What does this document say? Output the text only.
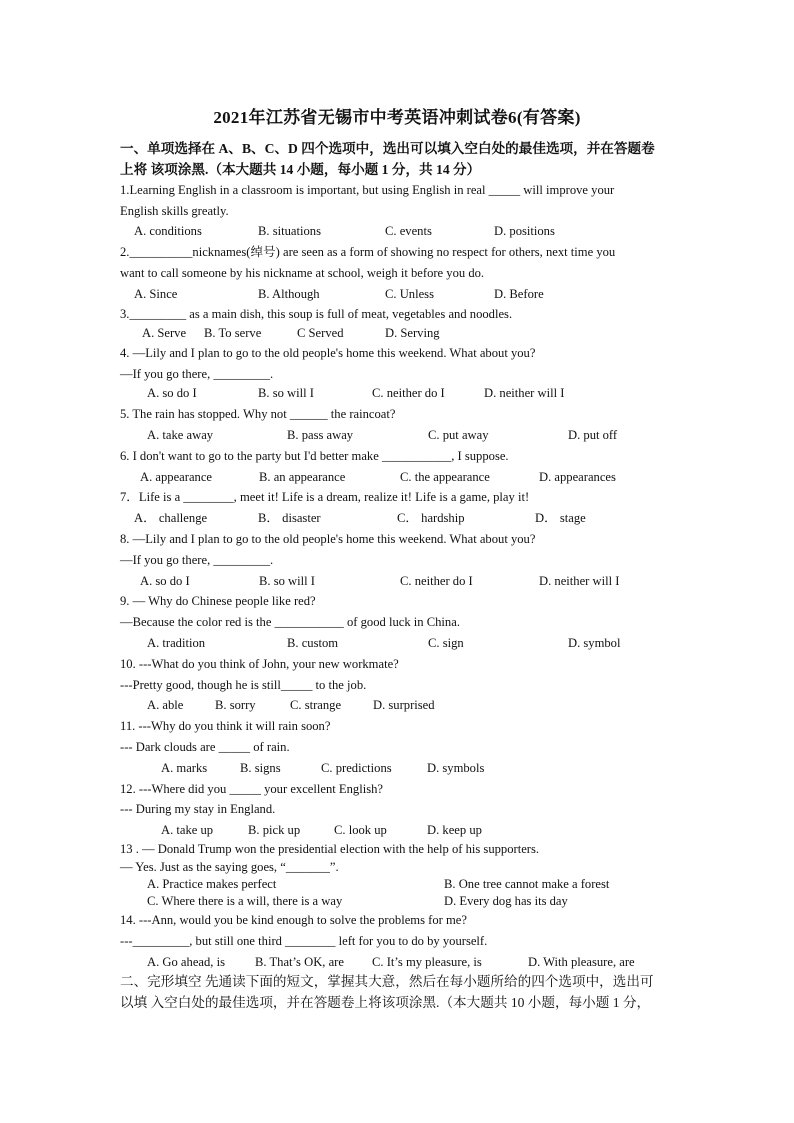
2021年江苏省无锡市中考英语冲刺试卷6(有答案)
一、单项选择在 A、B、C、D 四个选项中，选出可以填入空白处的最佳选项，并在答题卷
上将 该项涂黑.（本大题共 14 小题，每小题 1 分，共 14 分）
1.Learning English in a classroom is important, but using English in real _____ will improve your
English skills greatly.
A. conditions	B. situations	C. events	D. positions
2.__________nicknames(绰号) are seen as a form of showing no respect for others, next time you
want to call someone by his nickname at school, weigh it before you do.
A. Since	B. Although	C. Unless	D. Before
3._________ as a main dish, this soup is full of meat, vegetables and noodles.
A. Serve B. To serve	C Served	D. Serving
4. —Lily and I plan to go to the old people's home this weekend. What about you?
—If you go there, _________.
A. so do I	B. so will I	C. neither do I	D. neither will I
5. The rain has stopped. Why not ______ the raincoat?
A. take away	B. pass away	C. put away	D. put off
6. I don't want to go to the party but I'd better make ___________, I suppose.
A. appearance	B. an appearance	C. the appearance	D. appearances
7．Life is a ________, meet it! Life is a dream, realize it! Life is a game, play it!
A． challenge	B． disaster	C． hardship	D． stage
8. —Lily and I plan to go to the old people's home this weekend. What about you?
—If you go there, _________.
A. so do I	B. so will I	C. neither do I	D. neither will I
9. — Why do Chinese people like red?
—Because the color red is the ___________ of good luck in China.
A. tradition	B. custom	C. sign	D. symbol
10. ---What do you think of John, your new workmate?
---Pretty good, though he is still_____ to the job.
A. able	B. sorry	C. strange	D. surprised
11. ---Why do you think it will rain soon?
--- Dark clouds are _____ of rain.
A. marks	B. signs	C. predictions	D. symbols
12. ---Where did you _____ your excellent English?
--- During my stay in England.
A. take up	B. pick up	C. look up	D. keep up
13 . — Donald Trump won the presidential election with the help of his supporters.
— Yes. Just as the saying goes, “_______”.
A. Practice makes perfect	B. One tree cannot make a forest
C. Where there is a will, there is a way	D. Every dog has its day
14. ---Ann, would you be kind enough to solve the problems for me?
---_________, but still one third ________ left for you to do by yourself.
A. Go ahead, is B. That’s OK, are C. It’s my pleasure, is	D. With pleasure, are
二、完形填空 先通读下面的短文，掌握其大意，然后在每小题所给的四个选项中，选出可
以填 入空白处的最佳选项，并在答题卷上将该项涂黑.（本大题共 10 小题，每小题 1 分，
